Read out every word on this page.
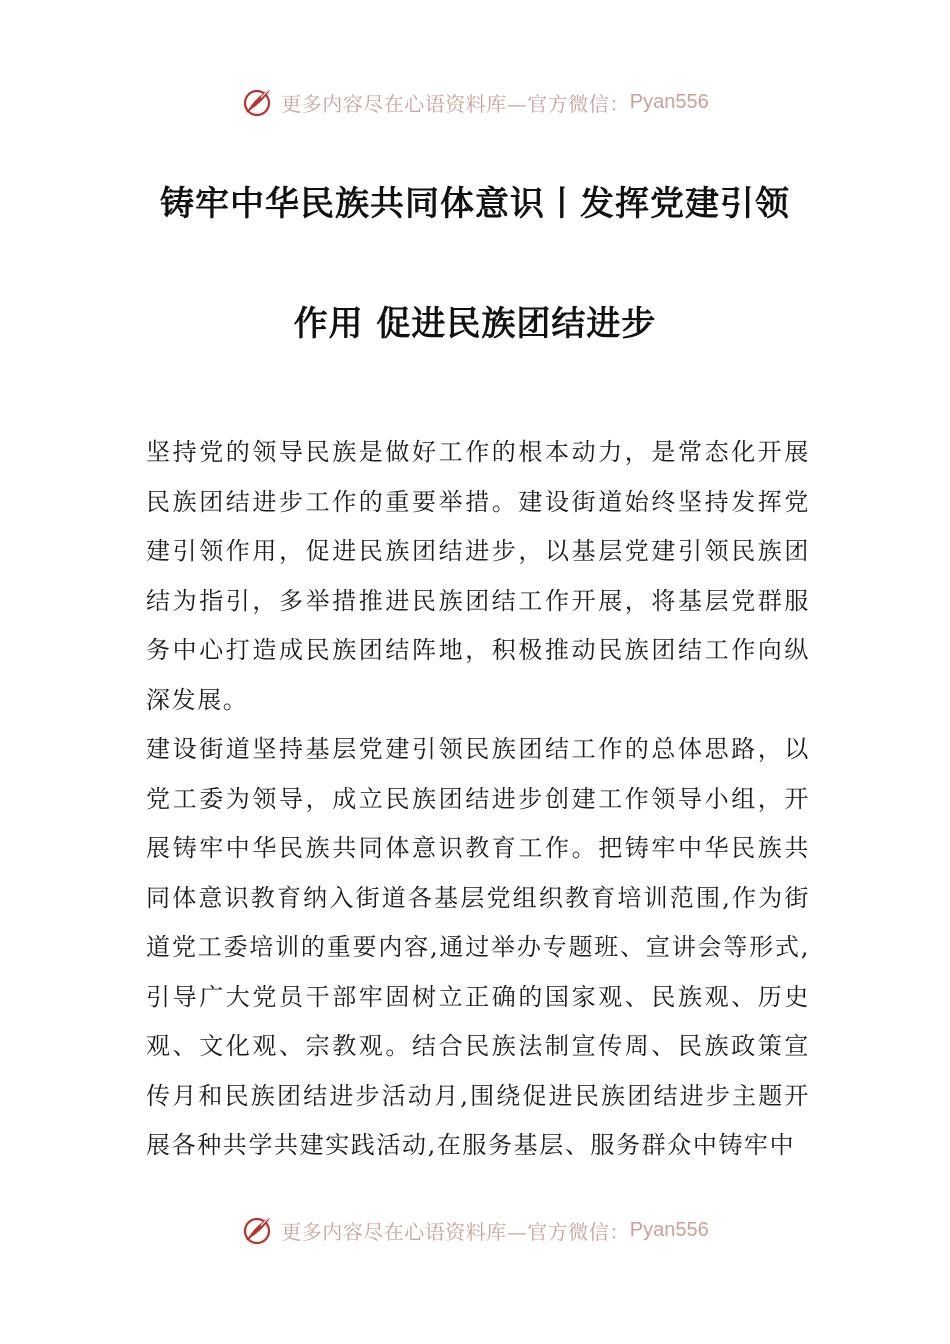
更多内容尽在心语资料库—官方微信： Pyan556
铸牢中华民族共同体意识丨发挥党建引领
作用 促进民族团结进步

坚持党的领导民族是做好工作的根本动力，是常态化开展民族团结进步工作的重要举措。建设街道始终坚持发挥党建引领作用，促进民族团结进步，以基层党建引领民族团结为指引，多举措推进民族团结工作开展，将基层党群服务中心打造成民族团结阵地，积极推动民族团结工作向纵深发展。

建设街道坚持基层党建引领民族团结工作的总体思路，以党工委为领导，成立民族团结进步创建工作领导小组，开展铸牢中华民族共同体意识教育工作。把铸牢中华民族共同体意识教育纳入街道各基层党组织教育培训范围,作为街道党工委培训的重要内容,通过举办专题班、宣讲会等形式,引导广大党员干部牢固树立正确的国家观、民族观、历史观、文化观、宗教观。结合民族法制宣传周、民族政策宣传月和民族团结进步活动月,围绕促进民族团结进步主题开展各种共学共建实践活动,在服务基层、服务群众中铸牢中

更多内容尽在心语资料库—官方微信： Pyan556
